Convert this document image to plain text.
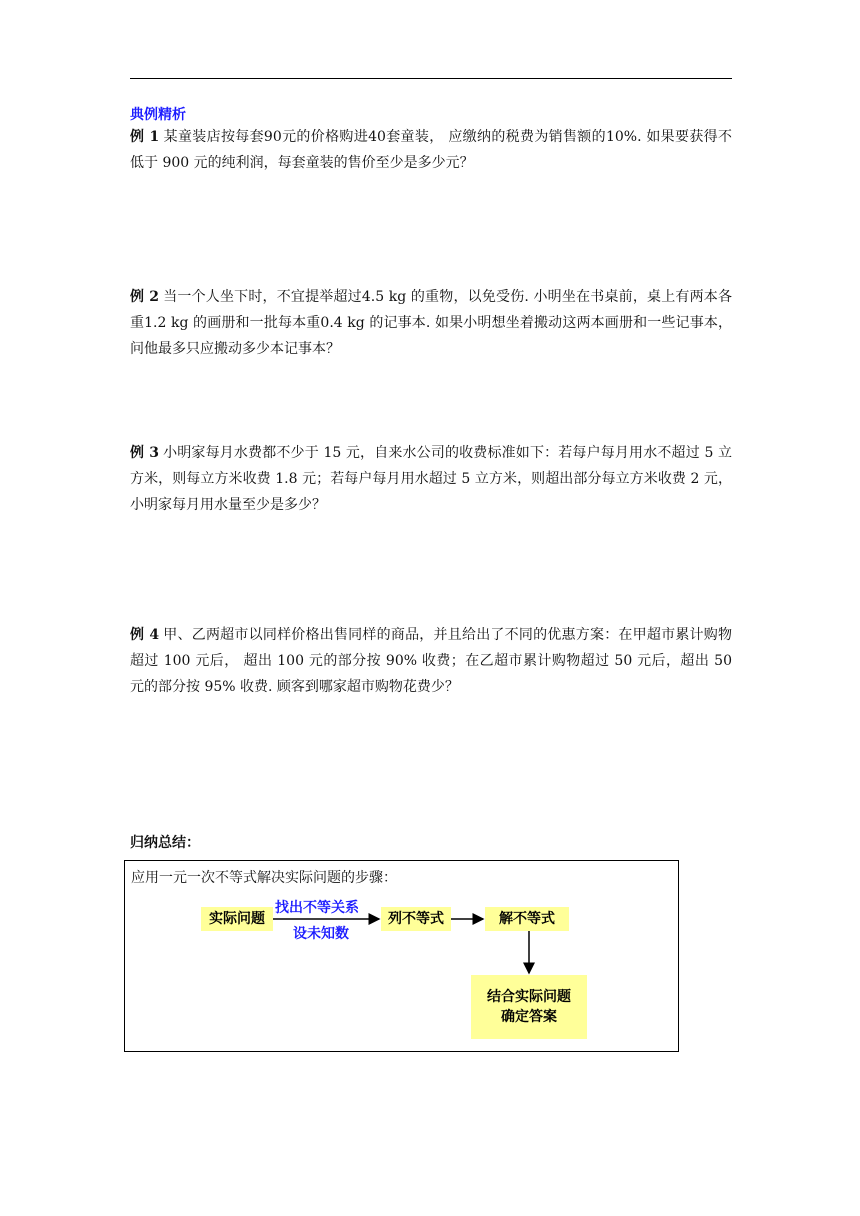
典例精析
例 1 某童装店按每套90元的价格购进40套童装， 应缴纳的税费为销售额的10%. 如果要获得不低于 900 元的纯利润，每套童装的售价至少是多少元？
例 2 当一个人坐下时，不宜提举超过4.5 kg 的重物，以免受伤. 小明坐在书桌前，桌上有两本各重1.2 kg 的画册和一批每本重0.4 kg 的记事本. 如果小明想坐着搬动这两本画册和一些记事本，问他最多只应搬动多少本记事本？
例 3 小明家每月水费都不少于 15 元，自来水公司的收费标准如下：若每户每月用水不超过 5 立方米，则每立方米收费 1.8 元；若每户每月用水超过 5 立方米，则超出部分每立方米收费 2 元，小明家每月用水量至少是多少？
例 4 甲、乙两超市以同样价格出售同样的商品，并且给出了不同的优惠方案：在甲超市累计购物超过 100 元后， 超出 100 元的部分按 90% 收费；在乙超市累计购物超过 50 元后，超出 50 元的部分按 95% 收费. 顾客到哪家超市购物花费少？
归纳总结：
应用一元一次不等式解决实际问题的步骤：
实际问题
找出不等关系
设未知数
列不等式	解不等式
结合实际问题
确定答案
